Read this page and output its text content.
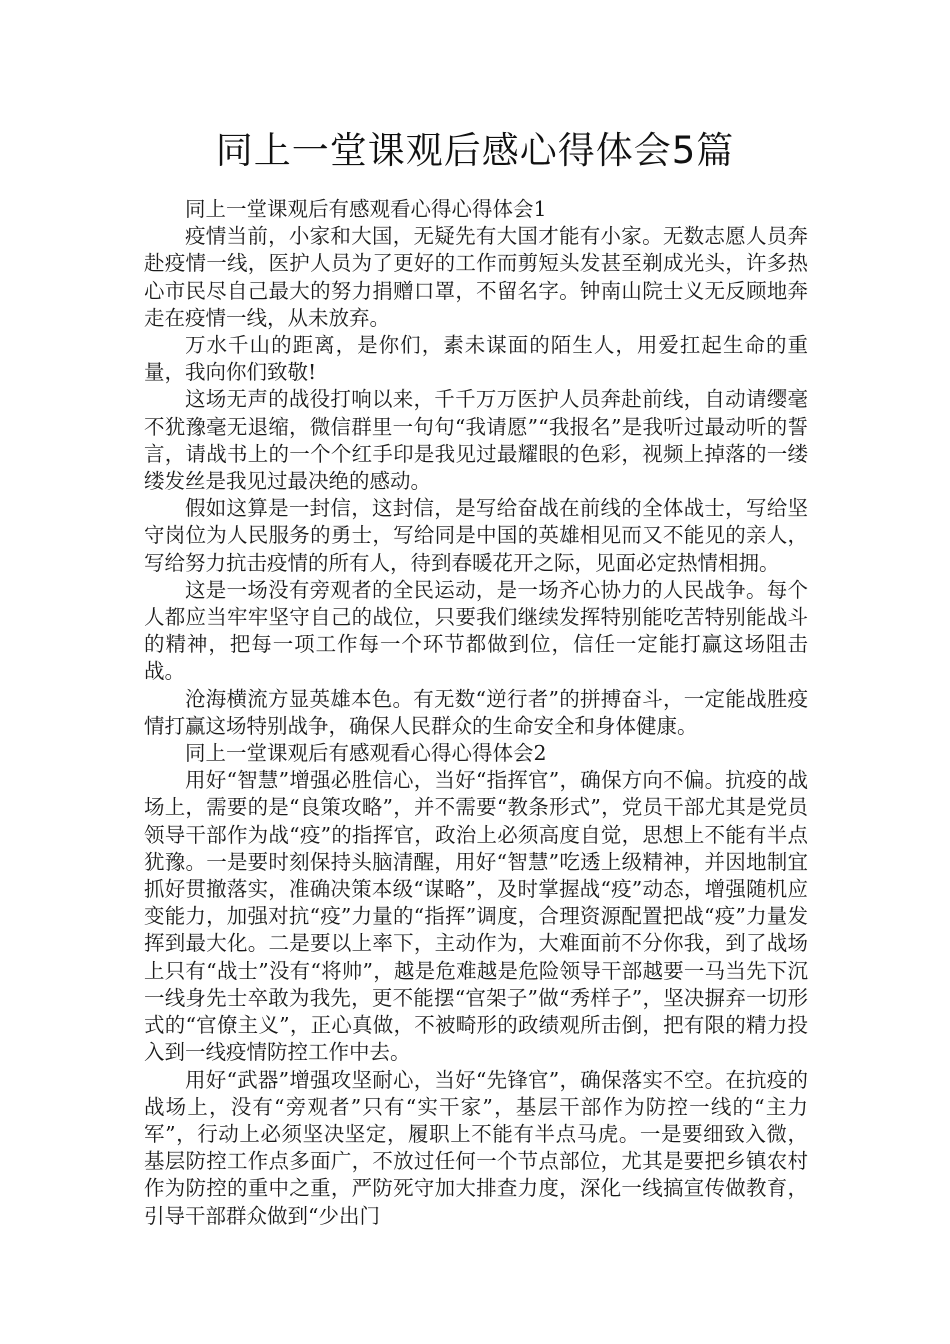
同上一堂课观后感心得体会5篇

同上一堂课观后有感观看心得心得体会1

疫情当前，小家和大国，无疑先有大国才能有小家。无数志愿人员奔赴疫情一线，医护人员为了更好的工作而剪短头发甚至剃成光头，许多热心市民尽自己最大的努力捐赠口罩，不留名字。钟南山院士义无反顾地奔走在疫情一线，从未放弃。

万水千山的距离，是你们，素未谋面的陌生人，用爱扛起生命的重量，我向你们致敬!

这场无声的战役打响以来，千千万万医护人员奔赴前线，自动请缨毫不犹豫毫无退缩，微信群里一句句“我请愿”“我报名”是我听过最动听的誓言，请战书上的一个个红手印是我见过最耀眼的色彩，视频上掉落的一缕缕发丝是我见过最决绝的感动。

假如这算是一封信，这封信，是写给奋战在前线的全体战士，写给坚守岗位为人民服务的勇士，写给同是中国的英雄相见而又不能见的亲人，写给努力抗击疫情的所有人，待到春暖花开之际，见面必定热情相拥。

这是一场没有旁观者的全民运动，是一场齐心协力的人民战争。每个人都应当牢牢坚守自己的战位，只要我们继续发挥特别能吃苦特别能战斗的精神，把每一项工作每一个环节都做到位，信任一定能打赢这场阻击战。

沧海横流方显英雄本色。有无数“逆行者”的拼搏奋斗，一定能战胜疫情打赢这场特别战争，确保人民群众的生命安全和身体健康。

同上一堂课观后有感观看心得心得体会2

用好“智慧”增强必胜信心，当好“指挥官”，确保方向不偏。抗疫的战场上，需要的是“良策攻略”，并不需要“教条形式”，党员干部尤其是党员领导干部作为战“疫”的指挥官，政治上必须高度自觉，思想上不能有半点犹豫。一是要时刻保持头脑清醒，用好“智慧”吃透上级精神，并因地制宜抓好贯撤落实，准确决策本级“谋略”，及时掌握战“疫”动态，增强随机应变能力，加强对抗“疫”力量的“指挥”调度，合理资源配置把战“疫”力量发挥到最大化。二是要以上率下，主动作为，大难面前不分你我，到了战场上只有“战士”没有“将帅”，越是危难越是危险领导干部越要一马当先下沉一线身先士卒敢为我先，更不能摆“官架子”做“秀样子”，坚决摒弃一切形式的“官僚主义”，正心真做，不被畸形的政绩观所击倒，把有限的精力投入到一线疫情防控工作中去。

用好“武器”增强攻坚耐心，当好“先锋官”，确保落实不空。在抗疫的战场上，没有“旁观者”只有“实干家”，基层干部作为防控一线的“主力军”，行动上必须坚决坚定，履职上不能有半点马虎。一是要细致入微，基层防控工作点多面广，不放过任何一个节点部位，尤其是要把乡镇农村作为防控的重中之重，严防死守加大排查力度，深化一线搞宣传做教育，引导干部群众做到“少出门
